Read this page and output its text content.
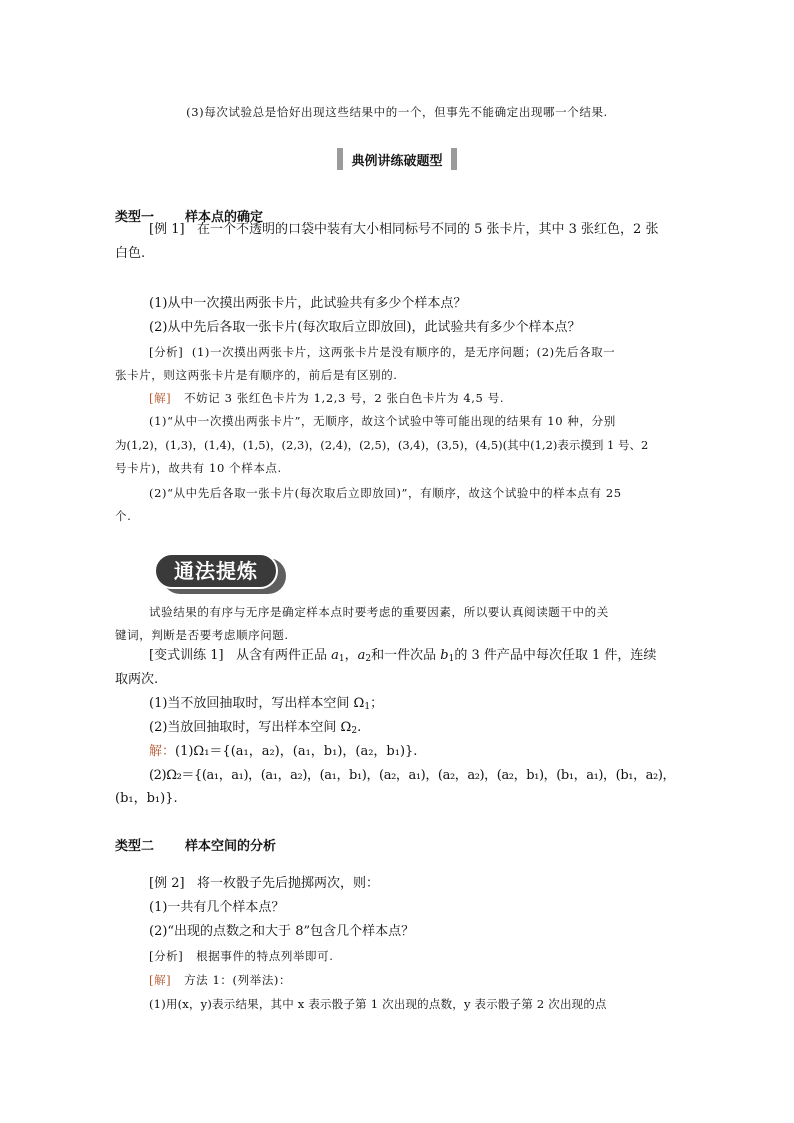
(3)每次试验总是恰好出现这些结果中的一个，但事先不能确定出现哪一个结果.
典例讲练破题型
类型一 样本点的确定
[例 1] 在一个不透明的口袋中装有大小相同标号不同的 5 张卡片，其中 3 张红色，2 张
白色.
(1)从中一次摸出两张卡片，此试验共有多少个样本点？
(2)从中先后各取一张卡片(每次取后立即放回)，此试验共有多少个样本点？
[分析] (1)一次摸出两张卡片，这两张卡片是没有顺序的，是无序问题；(2)先后各取一
张卡片，则这两张卡片是有顺序的，前后是有区别的.
[解] 不妨记 3 张红色卡片为 1,2,3 号，2 张白色卡片为 4,5 号.
(1)“从中一次摸出两张卡片”，无顺序，故这个试验中等可能出现的结果有 10 种，分别
为(1,2)，(1,3)，(1,4)，(1,5)，(2,3)，(2,4)，(2,5)，(3,4)，(3,5)，(4,5)(其中(1,2)表示摸到 1 号、2
号卡片)，故共有 10 个样本点.
(2)“从中先后各取一张卡片(每次取后立即放回)”，有顺序，故这个试验中的样本点有 25
个.
通法提炼
试验结果的有序与无序是确定样本点时要考虑的重要因素，所以要认真阅读题干中的关
键词，判断是否要考虑顺序问题.
[变式训练 1] 从含有两件正品 $a_1$，$a_2$和一件次品 $b_1$的 3 件产品中每次任取 1 件，连续
取两次.
(1)当不放回抽取时，写出样本空间 $\Omega_1$；
(2)当放回抽取时，写出样本空间 $\Omega_2$.
解：(1)Ω₁＝{(a₁，a₂)，(a₁，b₁)，(a₂，b₁)}.
(2)Ω₂＝{(a₁，a₁)，(a₁，a₂)，(a₁，b₁)，(a₂，a₁)，(a₂，a₂)，(a₂，b₁)，(b₁，a₁)，(b₁，a₂)，
(b₁，b₁)}.
类型二 样本空间的分析
[例 2] 将一枚骰子先后抛掷两次，则：
(1)一共有几个样本点？
(2)“出现的点数之和大于 8”包含几个样本点？
[分析] 根据事件的特点列举即可.
[解] 方法 1：(列举法)：
(1)用(x，y)表示结果，其中 x 表示骰子第 1 次出现的点数，y 表示骰子第 2 次出现的点
